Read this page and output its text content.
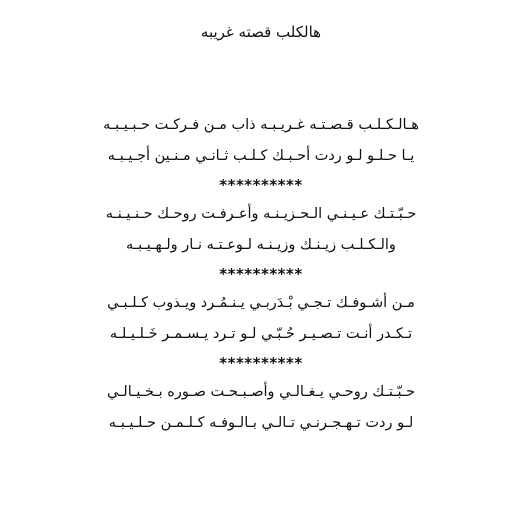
هالكلب قصته غريبه
هـالـكـلـب قـصـتـه غـريـبـه ذاب مـن فـركـت حـبـيـبـه
يـا حـلـو لـو ردت أحـبـك كـلـب ثـانـي مـنـين أجـيـبـه
**********
حـبّـتـك عـيـنـي الـحـزيـنـه وأعـرفـت روحـك حـنـيـنـه
والـكـلـب زيـنـك وزيـنـه لـوعـتـه نـار ولـهـيـبـه
**********
مـن أشـوفـك تـجـي بْـدَربـي يـنـمُـرد ويـذوب كـلـبـي
تـكـدر أنـت تـصـيـر حُـبّـي لـو تـرد يـسـمـر خَـلـيـلـه
**********
حـبّـتـك روحـي يـغـالـي وأصـبـحـت صـوره بـخـيـالـي
لـو ردت تـهـجـرنـي تـالـي بـالـوفـه كـلـمـن حـلـيـبـه
